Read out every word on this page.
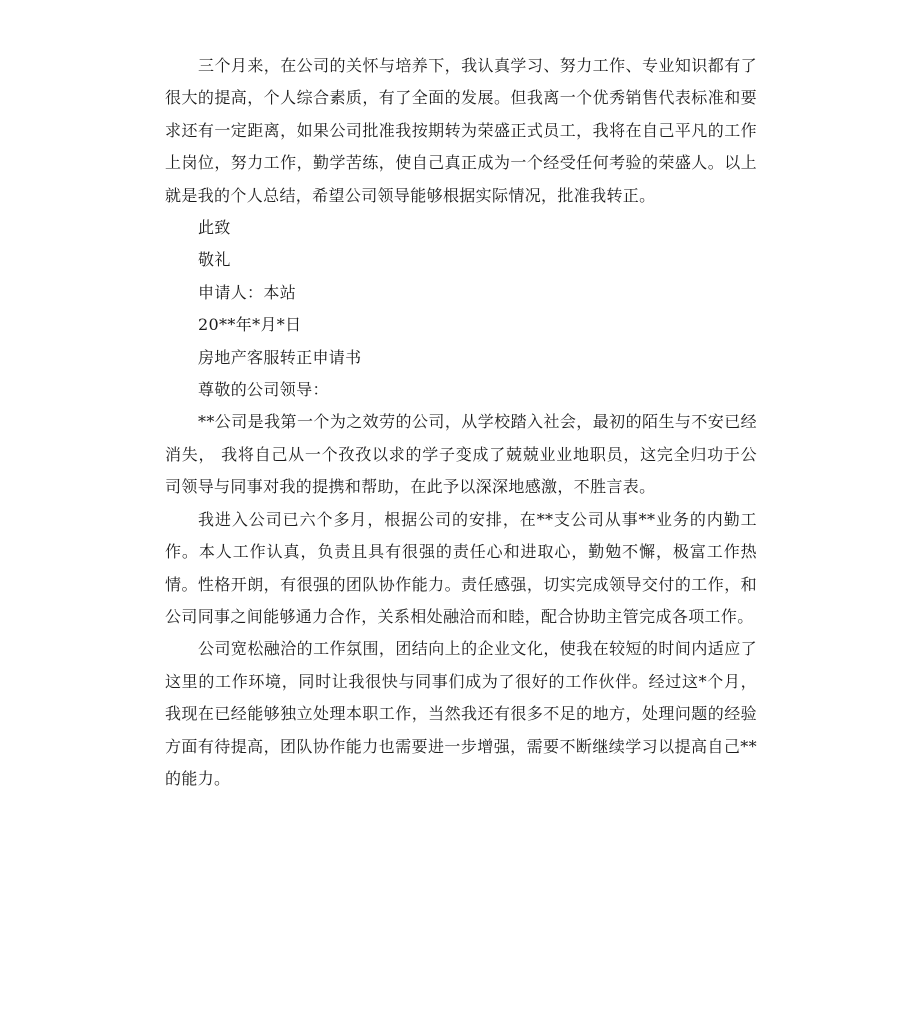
三个月来，在公司的关怀与培养下，我认真学习、努力工作、专业知识都有了很大的提高，个人综合素质，有了全面的发展。但我离一个优秀销售代表标准和要求还有一定距离，如果公司批准我按期转为荣盛正式员工，我将在自己平凡的工作上岗位，努力工作，勤学苦练，使自己真正成为一个经受任何考验的荣盛人。以上就是我的个人总结，希望公司领导能够根据实际情况，批准我转正。

此致

敬礼

申请人：本站

20**年*月*日

房地产客服转正申请书

尊敬的公司领导：

**公司是我第一个为之效劳的公司，从学校踏入社会，最初的陌生与不安已经消失， 我将自己从一个孜孜以求的学子变成了兢兢业业地职员，这完全归功于公司领导与同事对我的提携和帮助，在此予以深深地感激，不胜言表。

我进入公司已六个多月，根据公司的安排，在**支公司从事**业务的内勤工作。本人工作认真，负责且具有很强的责任心和进取心，勤勉不懈，极富工作热情。性格开朗，有很强的团队协作能力。责任感强，切实完成领导交付的工作，和公司同事之间能够通力合作，关系相处融洽而和睦，配合协助主管完成各项工作。

公司宽松融洽的工作氛围，团结向上的企业文化，使我在较短的时间内适应了这里的工作环境，同时让我很快与同事们成为了很好的工作伙伴。经过这*个月，我现在已经能够独立处理本职工作，当然我还有很多不足的地方，处理问题的经验方面有待提高，团队协作能力也需要进一步增强，需要不断继续学习以提高自己**的能力。
